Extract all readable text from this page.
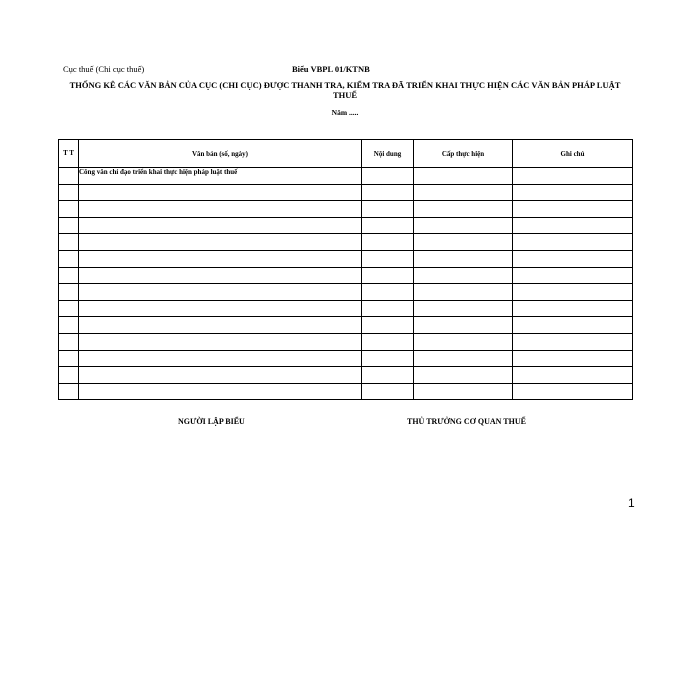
Cục thuế (Chi cục thuế)	Biểu VBPL 01/KTNB
THỐNG KÊ CÁC VĂN BẢN CỦA CỤC (CHI CỤC) ĐƯỢC THANH TRA, KIỂM TRA ĐÃ TRIỂN KHAI THỰC HIỆN CÁC VĂN BẢN PHÁP LUẬT THUẾ
Năm .....
T T	Văn bản (số, ngày)	Nội dung	Cấp thực hiện	Ghi chú
	Công văn chỉ đạo triển khai thực hiện pháp luật thuế			

NGƯỜI LẬP BIỂU	THỦ TRƯỞNG CƠ QUAN THUẾ
1
